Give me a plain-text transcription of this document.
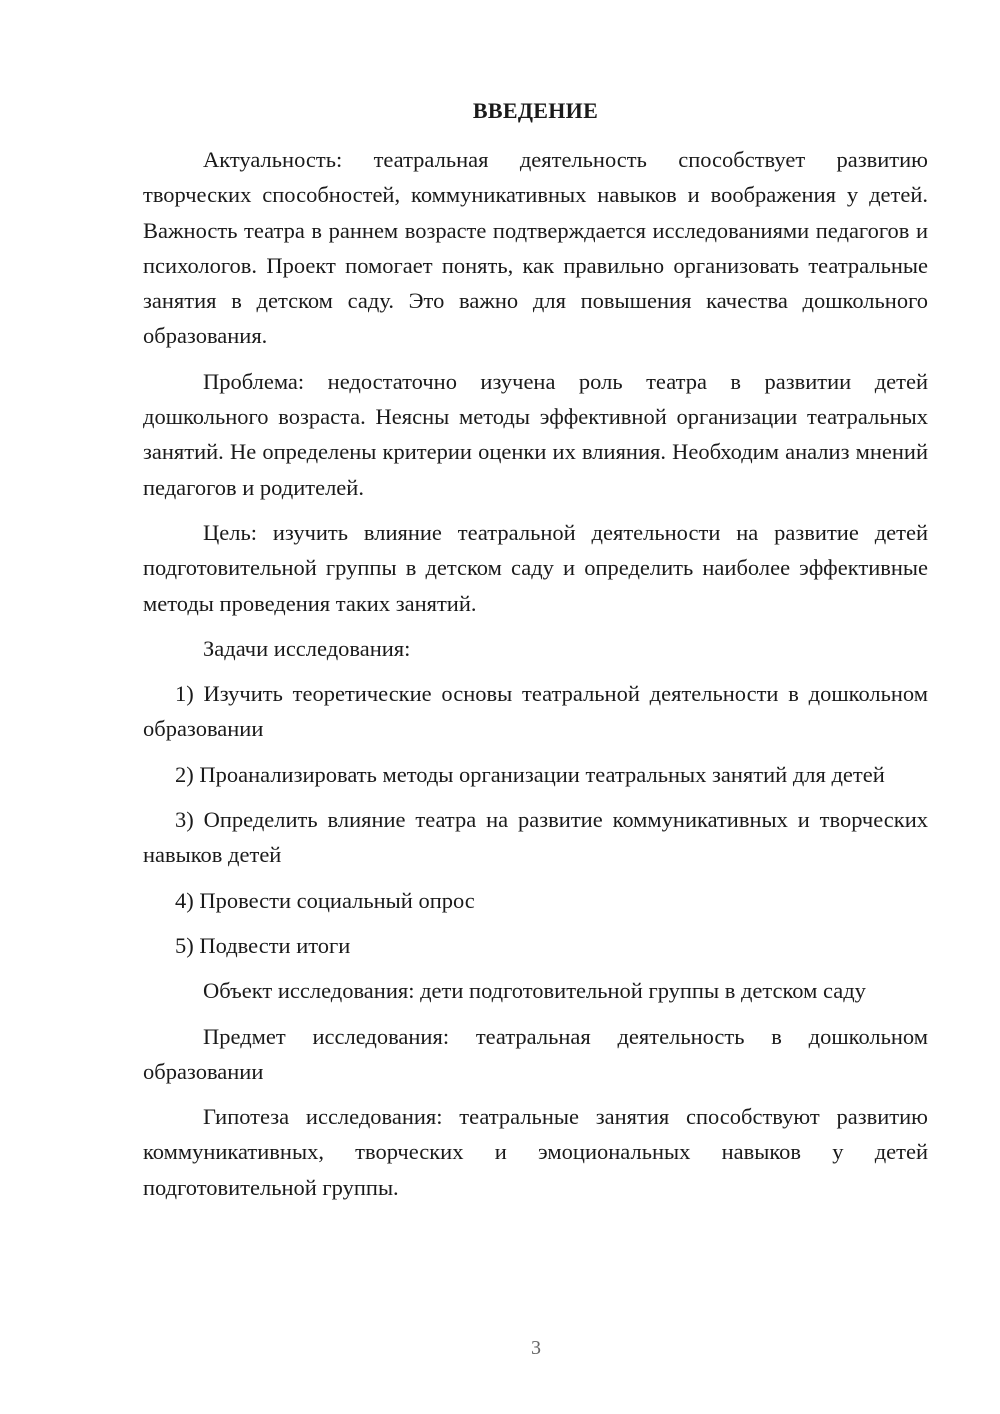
ВВЕДЕНИЕ

Актуальность: театральная деятельность способствует развитию творческих способностей, коммуникативных навыков и воображения у детей. Важность театра в раннем возрасте подтверждается исследованиями педагогов и психологов. Проект помогает понять, как правильно организовать театральные занятия в детском саду. Это важно для повышения качества дошкольного образования.

Проблема: недостаточно изучена роль театра в развитии детей дошкольного возраста. Неясны методы эффективной организации театральных занятий. Не определены критерии оценки их влияния. Необходим анализ мнений педагогов и родителей.

Цель: изучить влияние театральной деятельности на развитие детей подготовительной группы в детском саду и определить наиболее эффективные методы проведения таких занятий.

Задачи исследования:

1) Изучить теоретические основы театральной деятельности в дошкольном образовании

2) Проанализировать методы организации театральных занятий для детей

3) Определить влияние театра на развитие коммуникативных и творческих навыков детей

4) Провести социальный опрос

5) Подвести итоги

Объект исследования: дети подготовительной группы в детском саду

Предмет исследования: театральная деятельность в дошкольном образовании

Гипотеза исследования: театральные занятия способствуют развитию коммуникативных, творческих и эмоциональных навыков у детей подготовительной группы.

3
